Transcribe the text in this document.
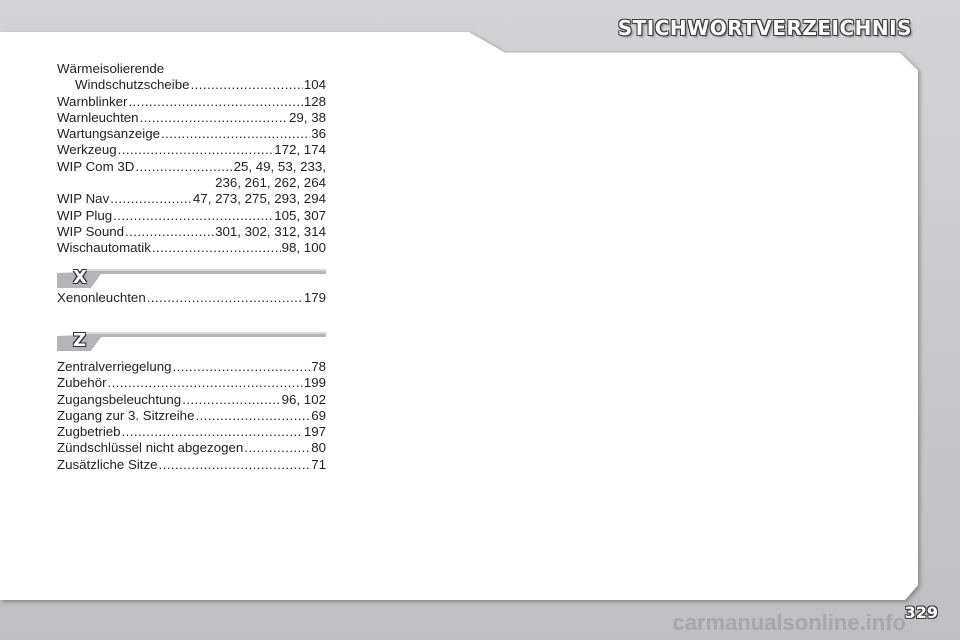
STICHWORTVERZEICHNIS
329
Wärmeisolierende
Windschutzscheibe .....	104
Warnblinker .....	128
Warnleuchten .....	29, 38
Wartungsanzeige .....	36
Werkzeug .....	172, 174
WIP Com 3D .....	25, 49, 53, 233,
236, 261, 262, 264
WIP Nav .....	47, 273, 275, 293, 294
WIP Plug .....	105, 307
WIP Sound .....	301, 302, 312, 314
Wischautomatik .....	98, 100
X
Xenonleuchten .....	179
Z
Zentralverriegelung .....	78
Zubehör .....	199
Zugangsbeleuchtung .....	96, 102
Zugang zur 3. Sitzreihe .....	69
Zugbetrieb .....	197
Zündschlüssel nicht abgezogen .....	80
Zusätzliche Sitze .....	71
carmanualsonline.info
